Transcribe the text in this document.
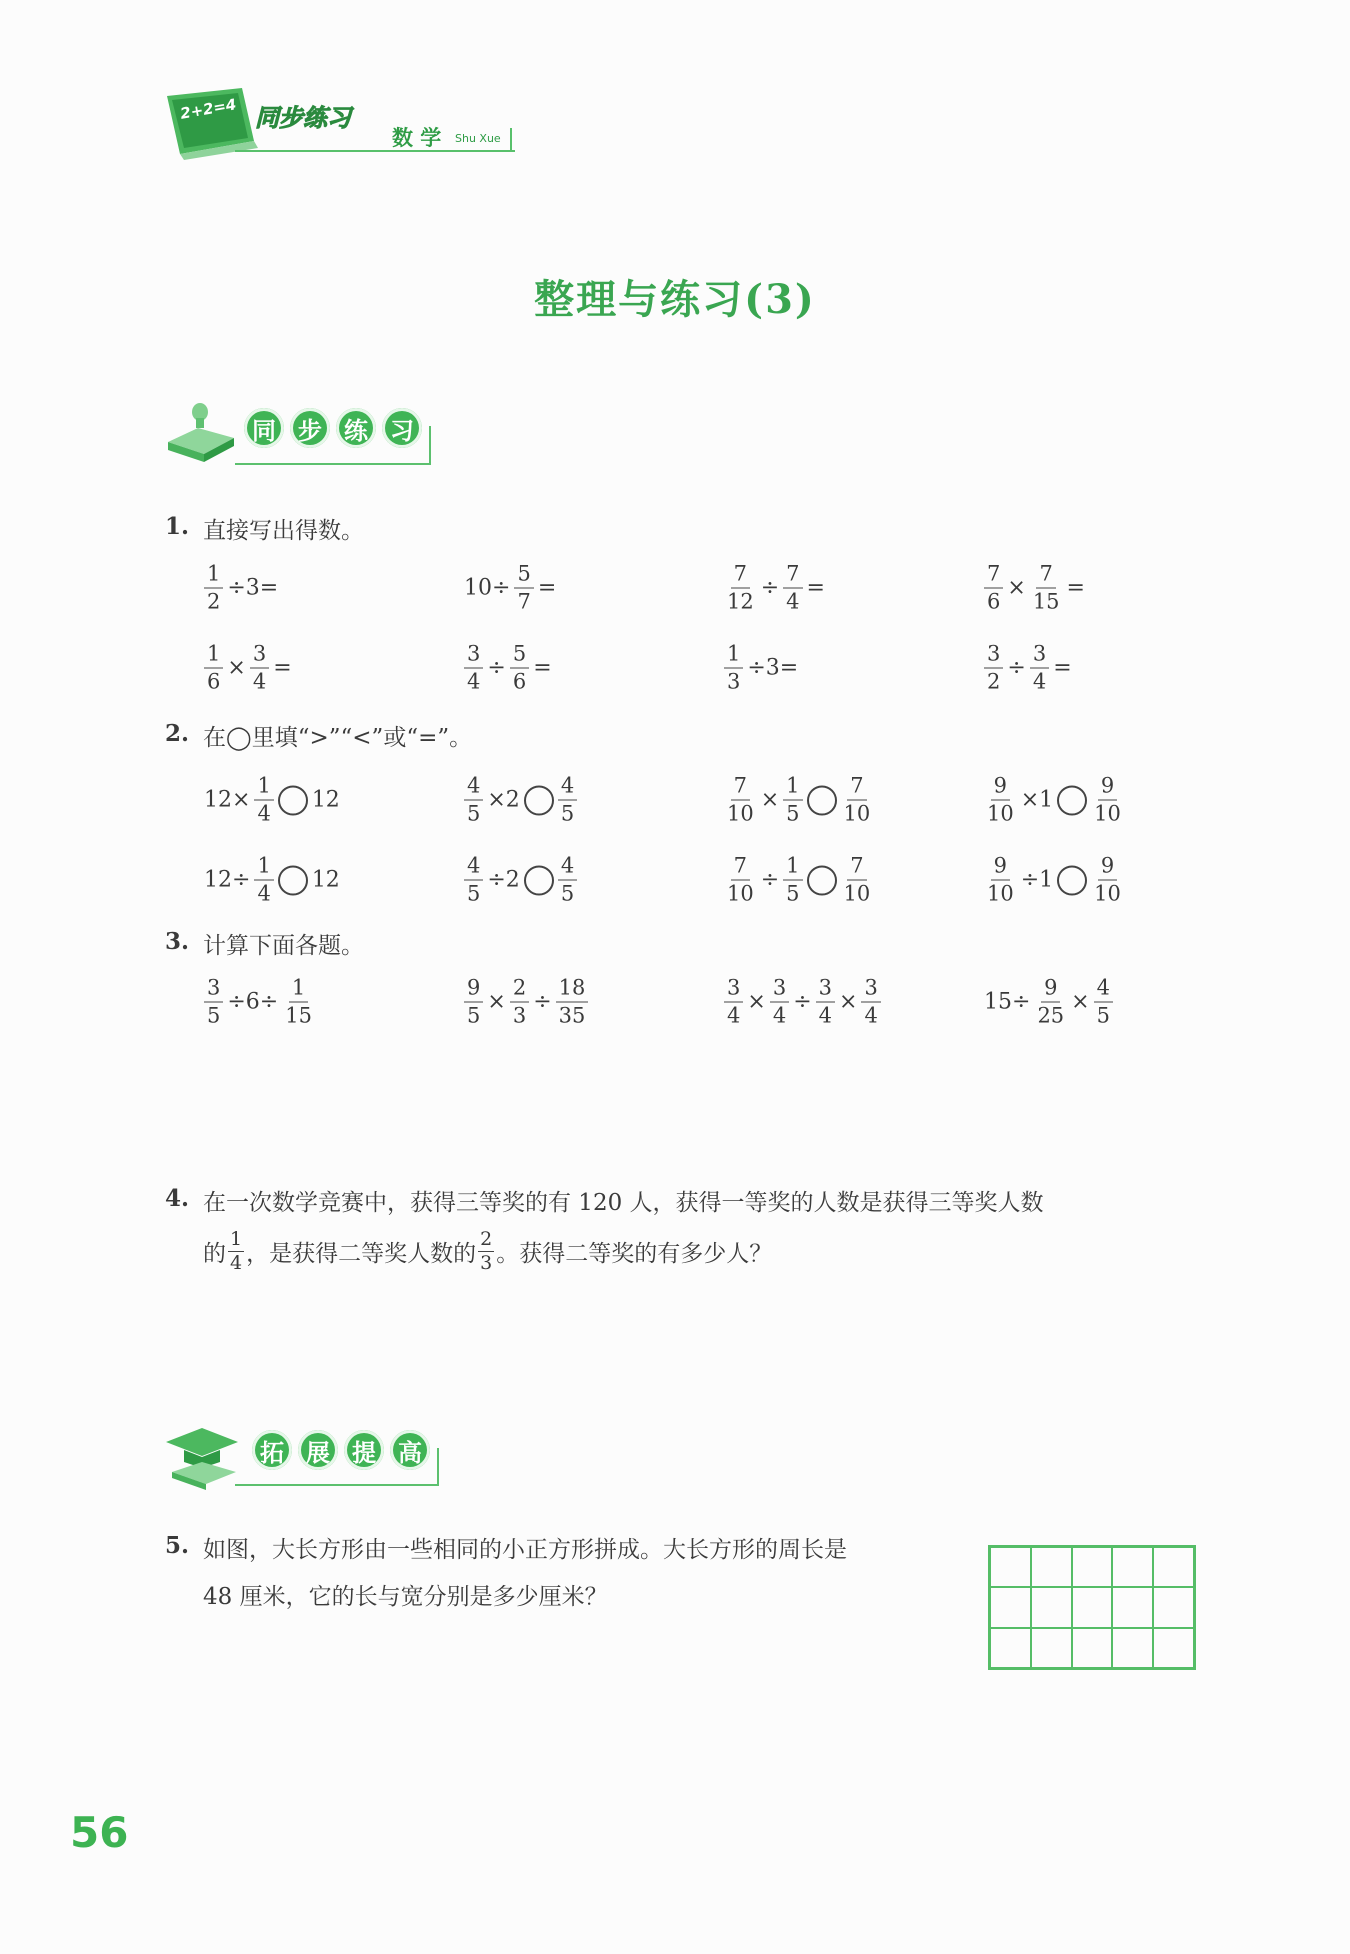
2+2=4 同步练习
数 学 Shu Xue
整理与练习(3)
同 步 练 习
1. 直接写出得数。
2. 在◯里填“>”“<”或“=”。
3. 计算下面各题。
4. 在一次数学竞赛中，获得三等奖的有 120 人，获得一等奖的人数是获得三等奖人数
的 $\frac{1}{4}$ ，是获得二等奖人数的 $\frac{2}{3}$ 。获得二等奖的有多少人？
拓 展 提 高
5. 如图，大长方形由一些相同的小正方形拼成。大长方形的周长是
48 厘米，它的长与宽分别是多少厘米？
56
$\frac{1}{2} \div 3=$	$10\div \frac{5}{7}$ =	$\frac{7}{12} \div \frac{7}{4}$ =	$\frac{7}{6} \times \frac{7}{15}$ =
$\frac{1}{6} \times \frac{3}{4}$ =	$\frac{3}{4} \div \frac{5}{6}$ =	$\frac{1}{3} \div 3=$	$\frac{3}{2} \div \frac{3}{4}$ =
$12\times \frac{1}{4} 12$	$\frac{4}{5} \times 2 \frac{4}{5}$	$\frac{7}{10} \times \frac{1}{5} \frac{7}{10}$	$\frac{9}{10} \times 1 \frac{9}{10}$
$12\div \frac{1}{4} 12$	$\frac{4}{5} \div 2 \frac{4}{5}$	$\frac{7}{10} \div \frac{1}{5} \frac{7}{10}$	$\frac{9}{10} \div 1 \frac{9}{10}$
$\frac{3}{5} \div 6\div \frac{1}{15}$	$\frac{9}{5} \times \frac{2}{3} \div \frac{18}{35}$	$\frac{3}{4} \times \frac{3}{4} \div \frac{3}{4} \times \frac{3}{4}$	$15\div \frac{9}{25} \times \frac{4}{5}$
